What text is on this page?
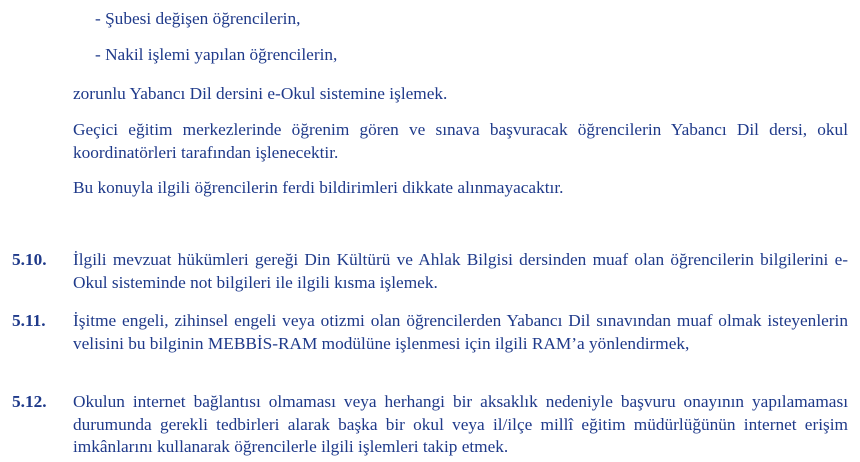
- Şubesi değişen öğrencilerin,
- Nakil işlemi yapılan öğrencilerin,
zorunlu Yabancı Dil dersini e-Okul sistemine işlemek.
Geçici eğitim merkezlerinde öğrenim gören ve sınava başvuracak öğrencilerin Yabancı Dil dersi, okul koordinatörleri tarafından işlenecektir.
Bu konuyla ilgili öğrencilerin ferdi bildirimleri dikkate alınmayacaktır.
5.10. İlgili mevzuat hükümleri gereği Din Kültürü ve Ahlak Bilgisi dersinden muaf olan öğrencilerin bilgilerini e-Okul sisteminde not bilgileri ile ilgili kısma işlemek.
5.11. İşitme engeli, zihinsel engeli veya otizmi olan öğrencilerden Yabancı Dil sınavından muaf olmak isteyenlerin velisini bu bilginin MEBBİS-RAM modülüne işlenmesi için ilgili RAM’a yönlendirmek,
5.12. Okulun internet bağlantısı olmaması veya herhangi bir aksaklık nedeniyle başvuru onayının yapılamaması durumunda gerekli tedbirleri alarak başka bir okul veya il/ilçe millî eğitim müdürlüğünün internet erişim imkânlarını kullanarak öğrencilerle ilgili işlemleri takip etmek.
